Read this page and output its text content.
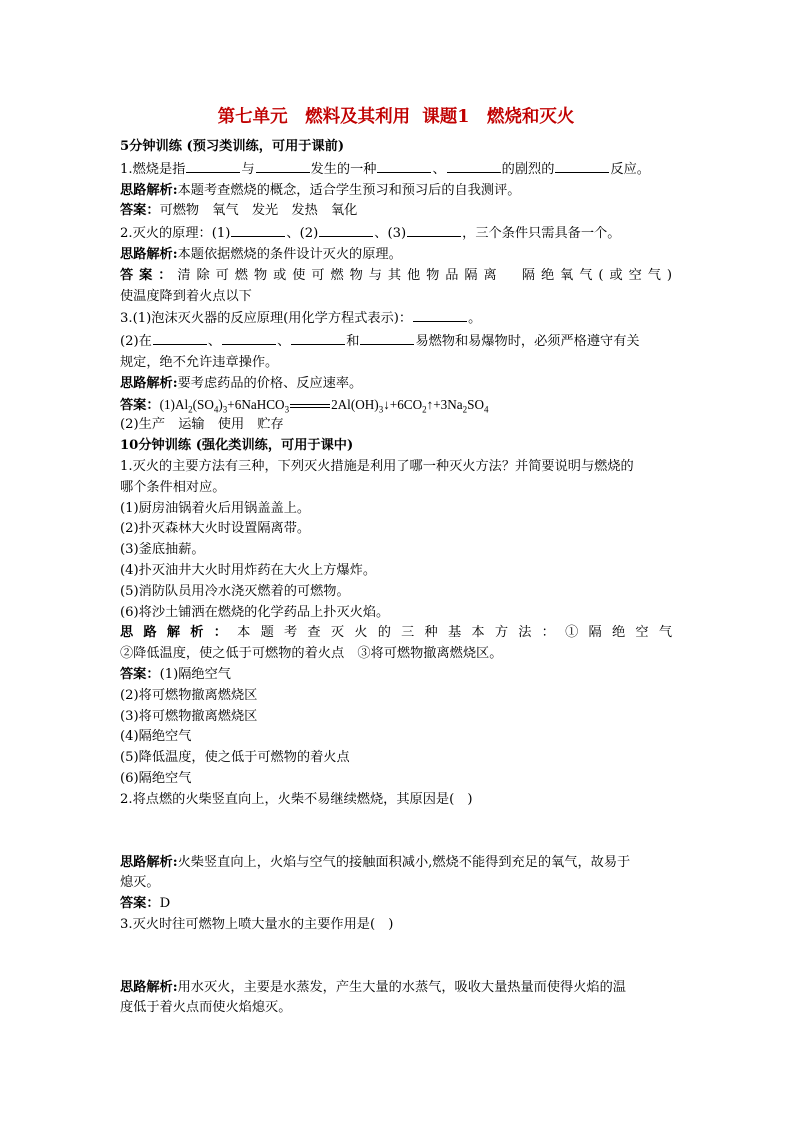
第七单元　燃料及其利用 课题1　燃烧和灭火

5分钟训练 (预习类训练，可用于课前)

1.燃烧是指	与	发生的一种	、	的剧烈的	反应。

思路解析:本题考查燃烧的概念，适合学生预习和预习后的自我测评。

答案：可燃物　氧气　发光　发热　氧化

2.灭火的原理：(1)	、(2)	、(3)	，三个条件只需具备一个。

思路解析:本题依据燃烧的条件设计灭火的原理。

答案：清除可燃物或使可燃物与其他物品隔离　隔绝氧气(或空气)

使温度降到着火点以下

3.(1)泡沫灭火器的反应原理(用化学方程式表示)：	。

(2)在	、	、	和	易燃物和易爆物时，必须严格遵守有关

规定，绝不允许违章操作。

思路解析:要考虑药品的价格、反应速率。

答案：$(1)Al_2(SO_4)_3+6NaHCO_3$	$2Al(OH)_3↓+6CO_2↑+3Na_2SO_4$

(2)生产　运输　使用　贮存

10分钟训练 (强化类训练，可用于课中)

1.灭火的主要方法有三种，下列灭火措施是利用了哪一种灭火方法？并简要说明与燃烧的

哪个条件相对应。

(1)厨房油锅着火后用锅盖盖上。

(2)扑灭森林大火时设置隔离带。

(3)釜底抽薪。

(4)扑灭油井大火时用炸药在大火上方爆炸。

(5)消防队员用冷水浇灭燃着的可燃物。

(6)将沙土铺洒在燃烧的化学药品上扑灭火焰。

思路解析：本题考查灭火的三种基本方法：①隔绝空气

②降低温度，使之低于可燃物的着火点　③将可燃物撤离燃烧区。

答案：(1)隔绝空气

(2)将可燃物撤离燃烧区

(3)将可燃物撤离燃烧区

(4)隔绝空气

(5)降低温度，使之低于可燃物的着火点

(6)隔绝空气

2.将点燃的火柴竖直向上，火柴不易继续燃烧，其原因是(　)

思路解析:火柴竖直向上，火焰与空气的接触面积减小,燃烧不能得到充足的氧气，故易于

熄灭。

答案：D

3.灭火时往可燃物上喷大量水的主要作用是(　)

思路解析:用水灭火，主要是水蒸发，产生大量的水蒸气，吸收大量热量而使得火焰的温

度低于着火点而使火焰熄灭。
